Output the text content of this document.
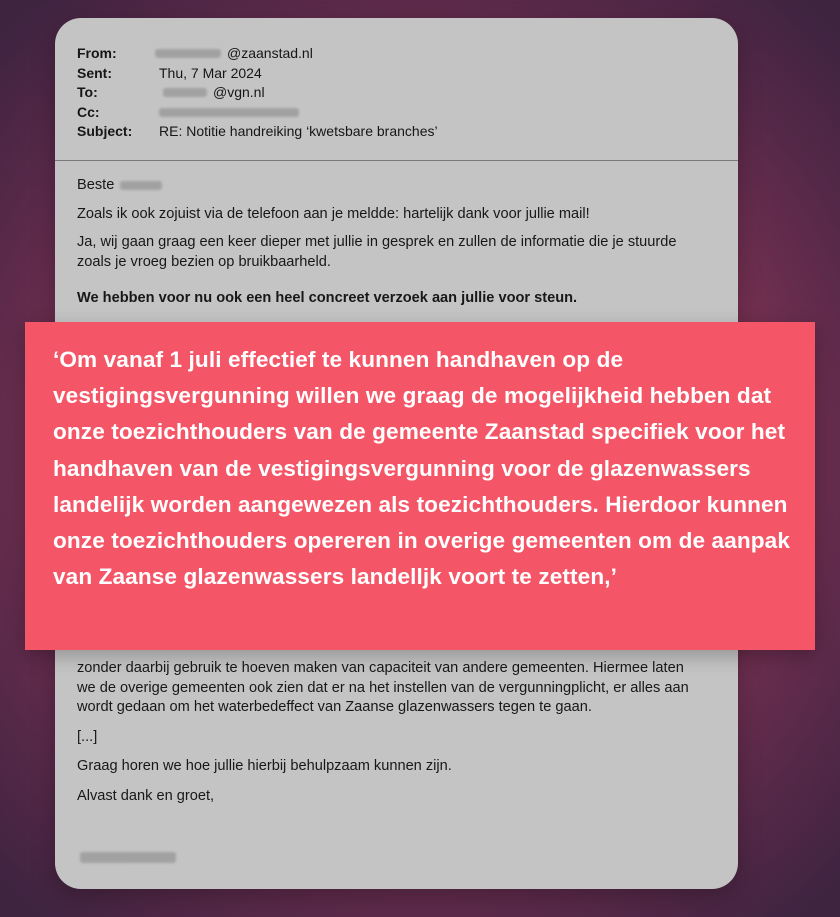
From:	@zaanstad.nl
Sent:	Thu, 7 Mar 2024
To:	@vgn.nl
Cc:
Subject:	RE: Notitie handreiking ‘kwetsbare branches’
Beste
Zoals ik ook zojuist via de telefoon aan je meldde: hartelijk dank voor jullie mail!
Ja, wij gaan graag een keer dieper met jullie in gesprek en zullen de informatie die je stuurde zoals je vroeg bezien op bruikbaarheld.
We hebben voor nu ook een heel concreet verzoek aan jullie voor steun.

zonder daarbij gebruik te hoeven maken van capaciteit van andere gemeenten. Hiermee laten we de overige gemeenten ook zien dat er na het instellen van de vergunningplicht, er alles aan wordt gedaan om het waterbedeffect van Zaanse glazenwassers tegen te gaan.

[...]

Graag horen we hoe jullie hierbij behulpzaam kunnen zijn.

Alvast dank en groet,

‘Om vanaf 1 juli effectief te kunnen handhaven op de vestigingsvergunning willen we graag de mogelijkheid hebben dat onze toezichthouders van de gemeente Zaanstad specifiek voor het handhaven van de vestigingsvergunning voor de glazenwassers landelijk worden aangewezen als toezichthouders. Hierdoor kunnen onze toezichthouders opereren in overige gemeenten om de aanpak van Zaanse glazenwassers landelljk voort te zetten,’
